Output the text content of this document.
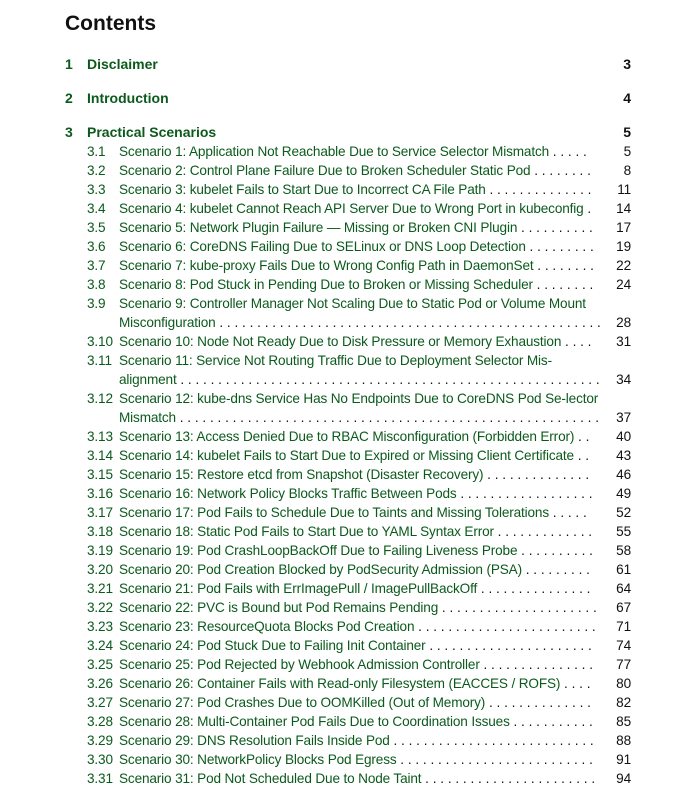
Contents
1	Disclaimer	3
2	Introduction	4
3	Practical Scenarios	5
3.1 Scenario 1: Application Not Reachable Due to Service Selector Mismatch . . . . .	5
3.2 Scenario 2: Control Plane Failure Due to Broken Scheduler Static Pod . . . . . . . . 8
3.3 Scenario 3: kubelet Fails to Start Due to Incorrect CA File Path . . . . . . . . . . . . . . 11
3.4 Scenario 4: kubelet Cannot Reach API Server Due to Wrong Port in kubeconfig . 14
3.5 Scenario 5: Network Plugin Failure — Missing or Broken CNI Plugin . . . . . . . . . . 17
3.6 Scenario 6: CoreDNS Failing Due to SELinux or DNS Loop Detection . . . . . . . . . 19
3.7 Scenario 7: kube-proxy Fails Due to Wrong Config Path in DaemonSet . . . . . . . . 22
3.8 Scenario 8: Pod Stuck in Pending Due to Broken or Missing Scheduler . . . . . . . . 24
3.9 Scenario 9: Controller Manager Not Scaling Due to Static Pod or Volume Mount Misconfiguration . . . . . . . . . . . . . . . . . . . . . . . . . . . . . . . . . . . . . . . . . . . . . . . . . . . 28
3.10 Scenario 10: Node Not Ready Due to Disk Pressure or Memory Exhaustion . . . . 31
3.11 Scenario 11: Service Not Routing Traffic Due to Deployment Selector Mis-alignment . . . . . . . . . . . . . . . . . . . . . . . . . . . . . . . . . . . . . . . . . . . . . . . . . . . . . . . . 34
3.12 Scenario 12: kube-dns Service Has No Endpoints Due to CoreDNS Pod Se-lector Mismatch . . . . . . . . . . . . . . . . . . . . . . . . . . . . . . . . . . . . . . . . . . . . . . . . . . . . . . . . 37
3.13 Scenario 13: Access Denied Due to RBAC Misconfiguration (Forbidden Error) . . 40
3.14 Scenario 14: kubelet Fails to Start Due to Expired or Missing Client Certificate . . 43
3.15 Scenario 15: Restore etcd from Snapshot (Disaster Recovery) . . . . . . . . . . . . . . 46
3.16 Scenario 16: Network Policy Blocks Traffic Between Pods . . . . . . . . . . . . . . . . . . 49
3.17 Scenario 17: Pod Fails to Schedule Due to Taints and Missing Tolerations . . . . . 52
3.18 Scenario 18: Static Pod Fails to Start Due to YAML Syntax Error . . . . . . . . . . . . . 55
3.19 Scenario 19: Pod CrashLoopBackOff Due to Failing Liveness Probe . . . . . . . . . . 58
3.20 Scenario 20: Pod Creation Blocked by PodSecurity Admission (PSA) . . . . . . . . . 61
3.21 Scenario 21: Pod Fails with ErrImagePull / ImagePullBackOff . . . . . . . . . . . . . . . 64
3.22 Scenario 22: PVC is Bound but Pod Remains Pending . . . . . . . . . . . . . . . . . . . . . 67
3.23 Scenario 23: ResourceQuota Blocks Pod Creation . . . . . . . . . . . . . . . . . . . . . . . . 71
3.24 Scenario 24: Pod Stuck Due to Failing Init Container . . . . . . . . . . . . . . . . . . . . . . 74
3.25 Scenario 25: Pod Rejected by Webhook Admission Controller . . . . . . . . . . . . . . . 77
3.26 Scenario 26: Container Fails with Read-only Filesystem (EACCES / ROFS) . . . . 80
3.27 Scenario 27: Pod Crashes Due to OOMKilled (Out of Memory) . . . . . . . . . . . . . . 82
3.28 Scenario 28: Multi-Container Pod Fails Due to Coordination Issues . . . . . . . . . . . 85
3.29 Scenario 29: DNS Resolution Fails Inside Pod . . . . . . . . . . . . . . . . . . . . . . . . . . . 88
3.30 Scenario 30: NetworkPolicy Blocks Pod Egress . . . . . . . . . . . . . . . . . . . . . . . . . . 91
3.31 Scenario 31: Pod Not Scheduled Due to Node Taint . . . . . . . . . . . . . . . . . . . . . . . 94
